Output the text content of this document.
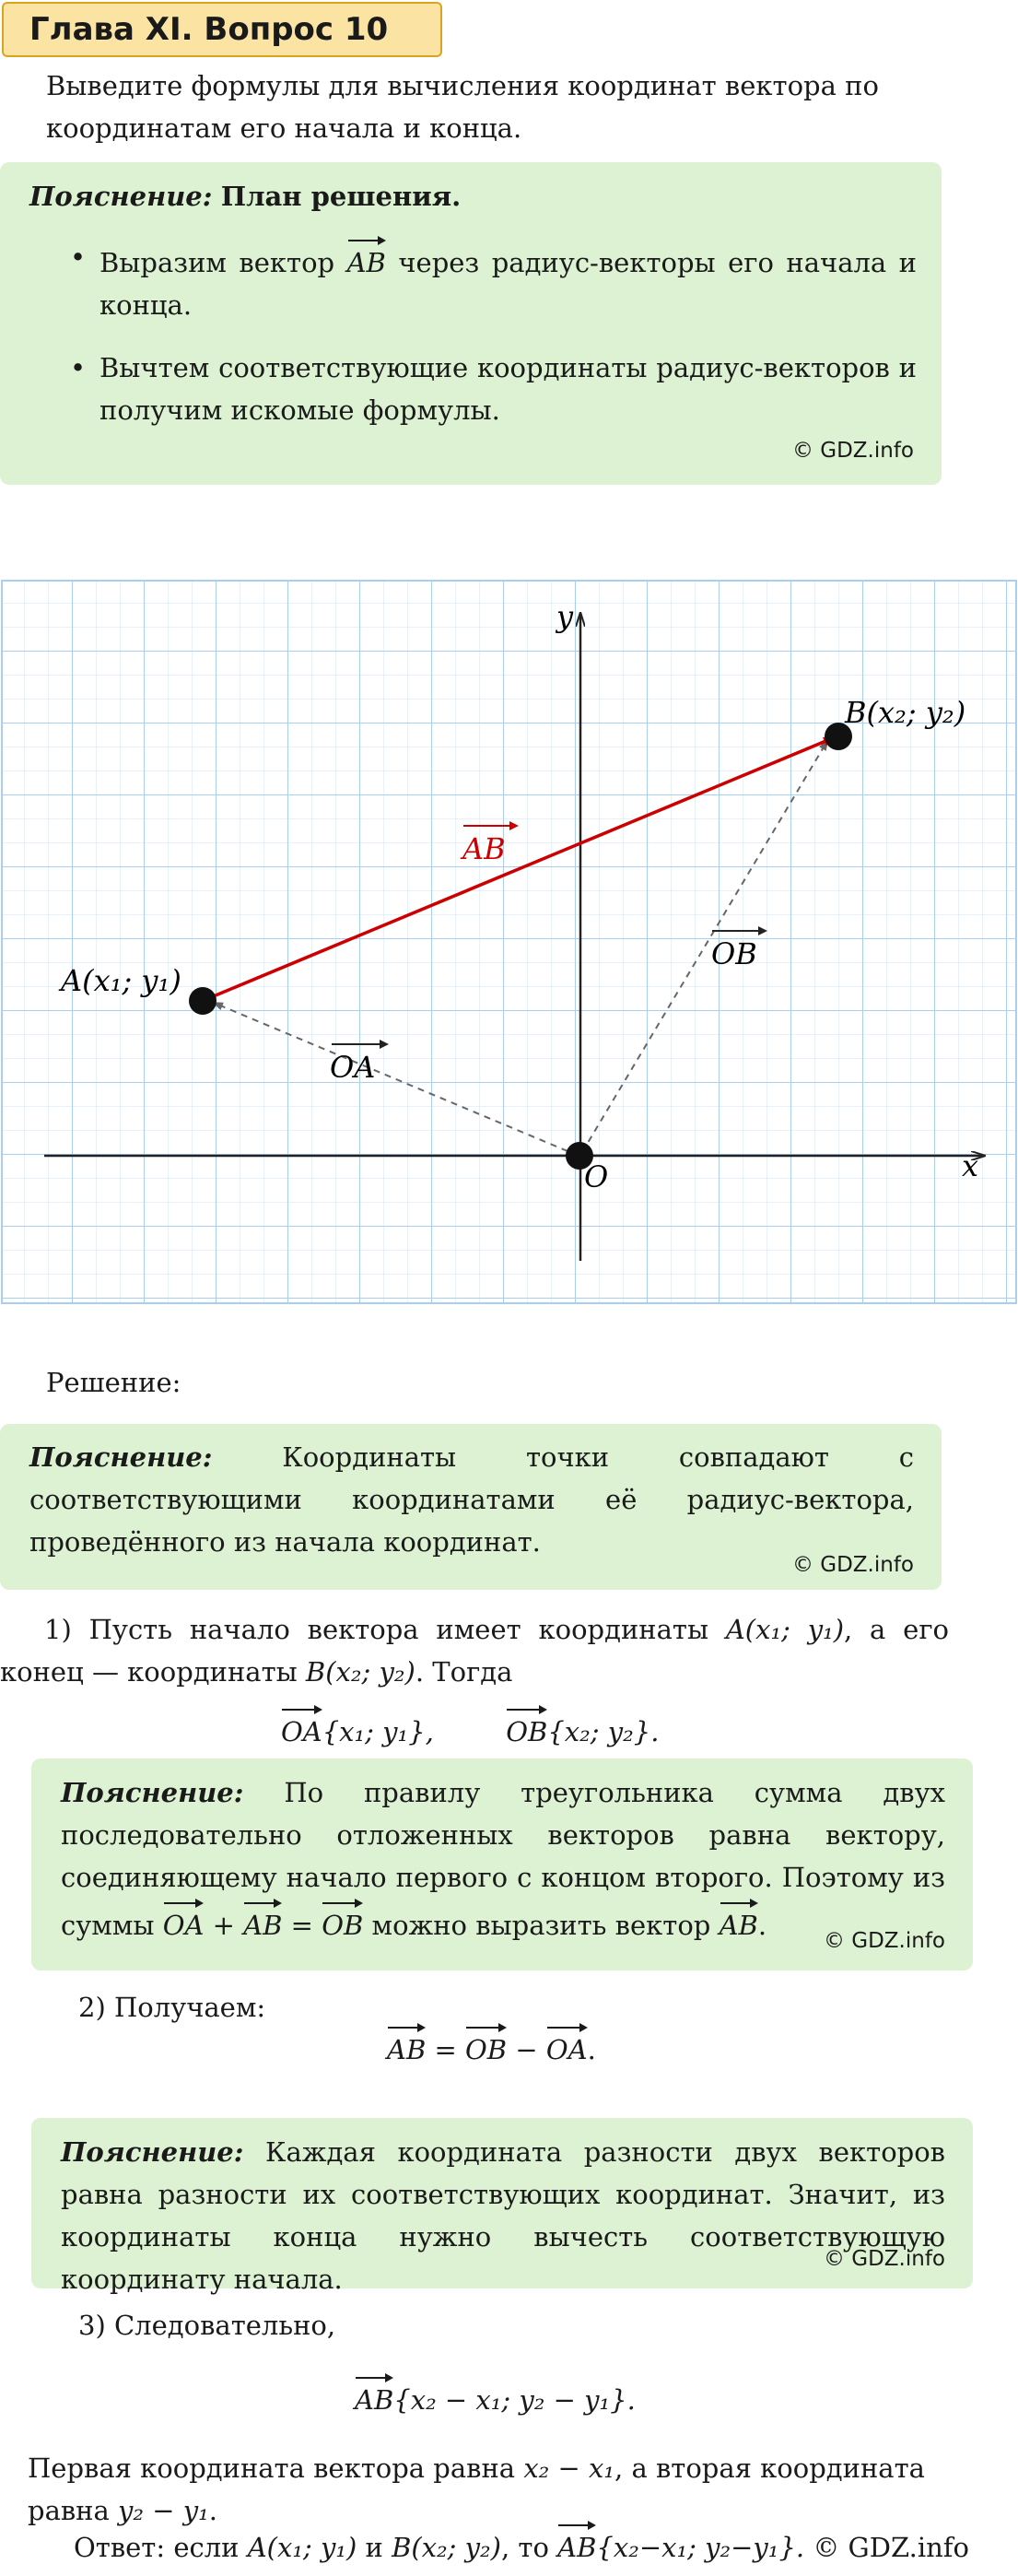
Глава XI. Вопрос 10
Выведите формулы для вычисления координат вектора по координатам его начала и конца.
Пояснение: План решения.
• Выразим вектор AB через радиус-векторы его начала и конца.
• Вычтем соответствующие координаты радиус-векторов и получим искомые формулы.
© GDZ.info
x
y
A(x₁; y₁)
B(x₂; y₂)
O
AB
OB
OA
Решение:
Пояснение:	Координаты точки совпадают с соответствующими координатами её радиус-вектора, проведённого из начала координат.
© GDZ.info
1) Пусть начало вектора имеет координаты A(x₁; y₁), а его конец — координаты B(x₂; y₂). Тогда
OA{x₁; y₁},	OB{x₂; y₂}.
Пояснение: По правилу треугольника сумма двух последовательно отложенных векторов равна вектору, соединяющему начало первого с концом второго. Поэтому из суммы OA + AB = OB можно выразить вектор AB.	© GDZ.info
2) Получаем:
AB = OB − OA.
Пояснение: Каждая координата разности двух векторов равна разности их соответствующих координат. Значит, из координаты конца нужно вычесть соответствующую координату начала.
© GDZ.info
3) Следовательно,
AB{x₂ − x₁; y₂ − y₁}.
Первая координата вектора равна x₂ − x₁, а вторая координата равна y₂ − y₁.
Ответ: если A(x₁; y₁) и B(x₂; y₂), то AB{x₂−x₁; y₂−y₁}. © GDZ.info
